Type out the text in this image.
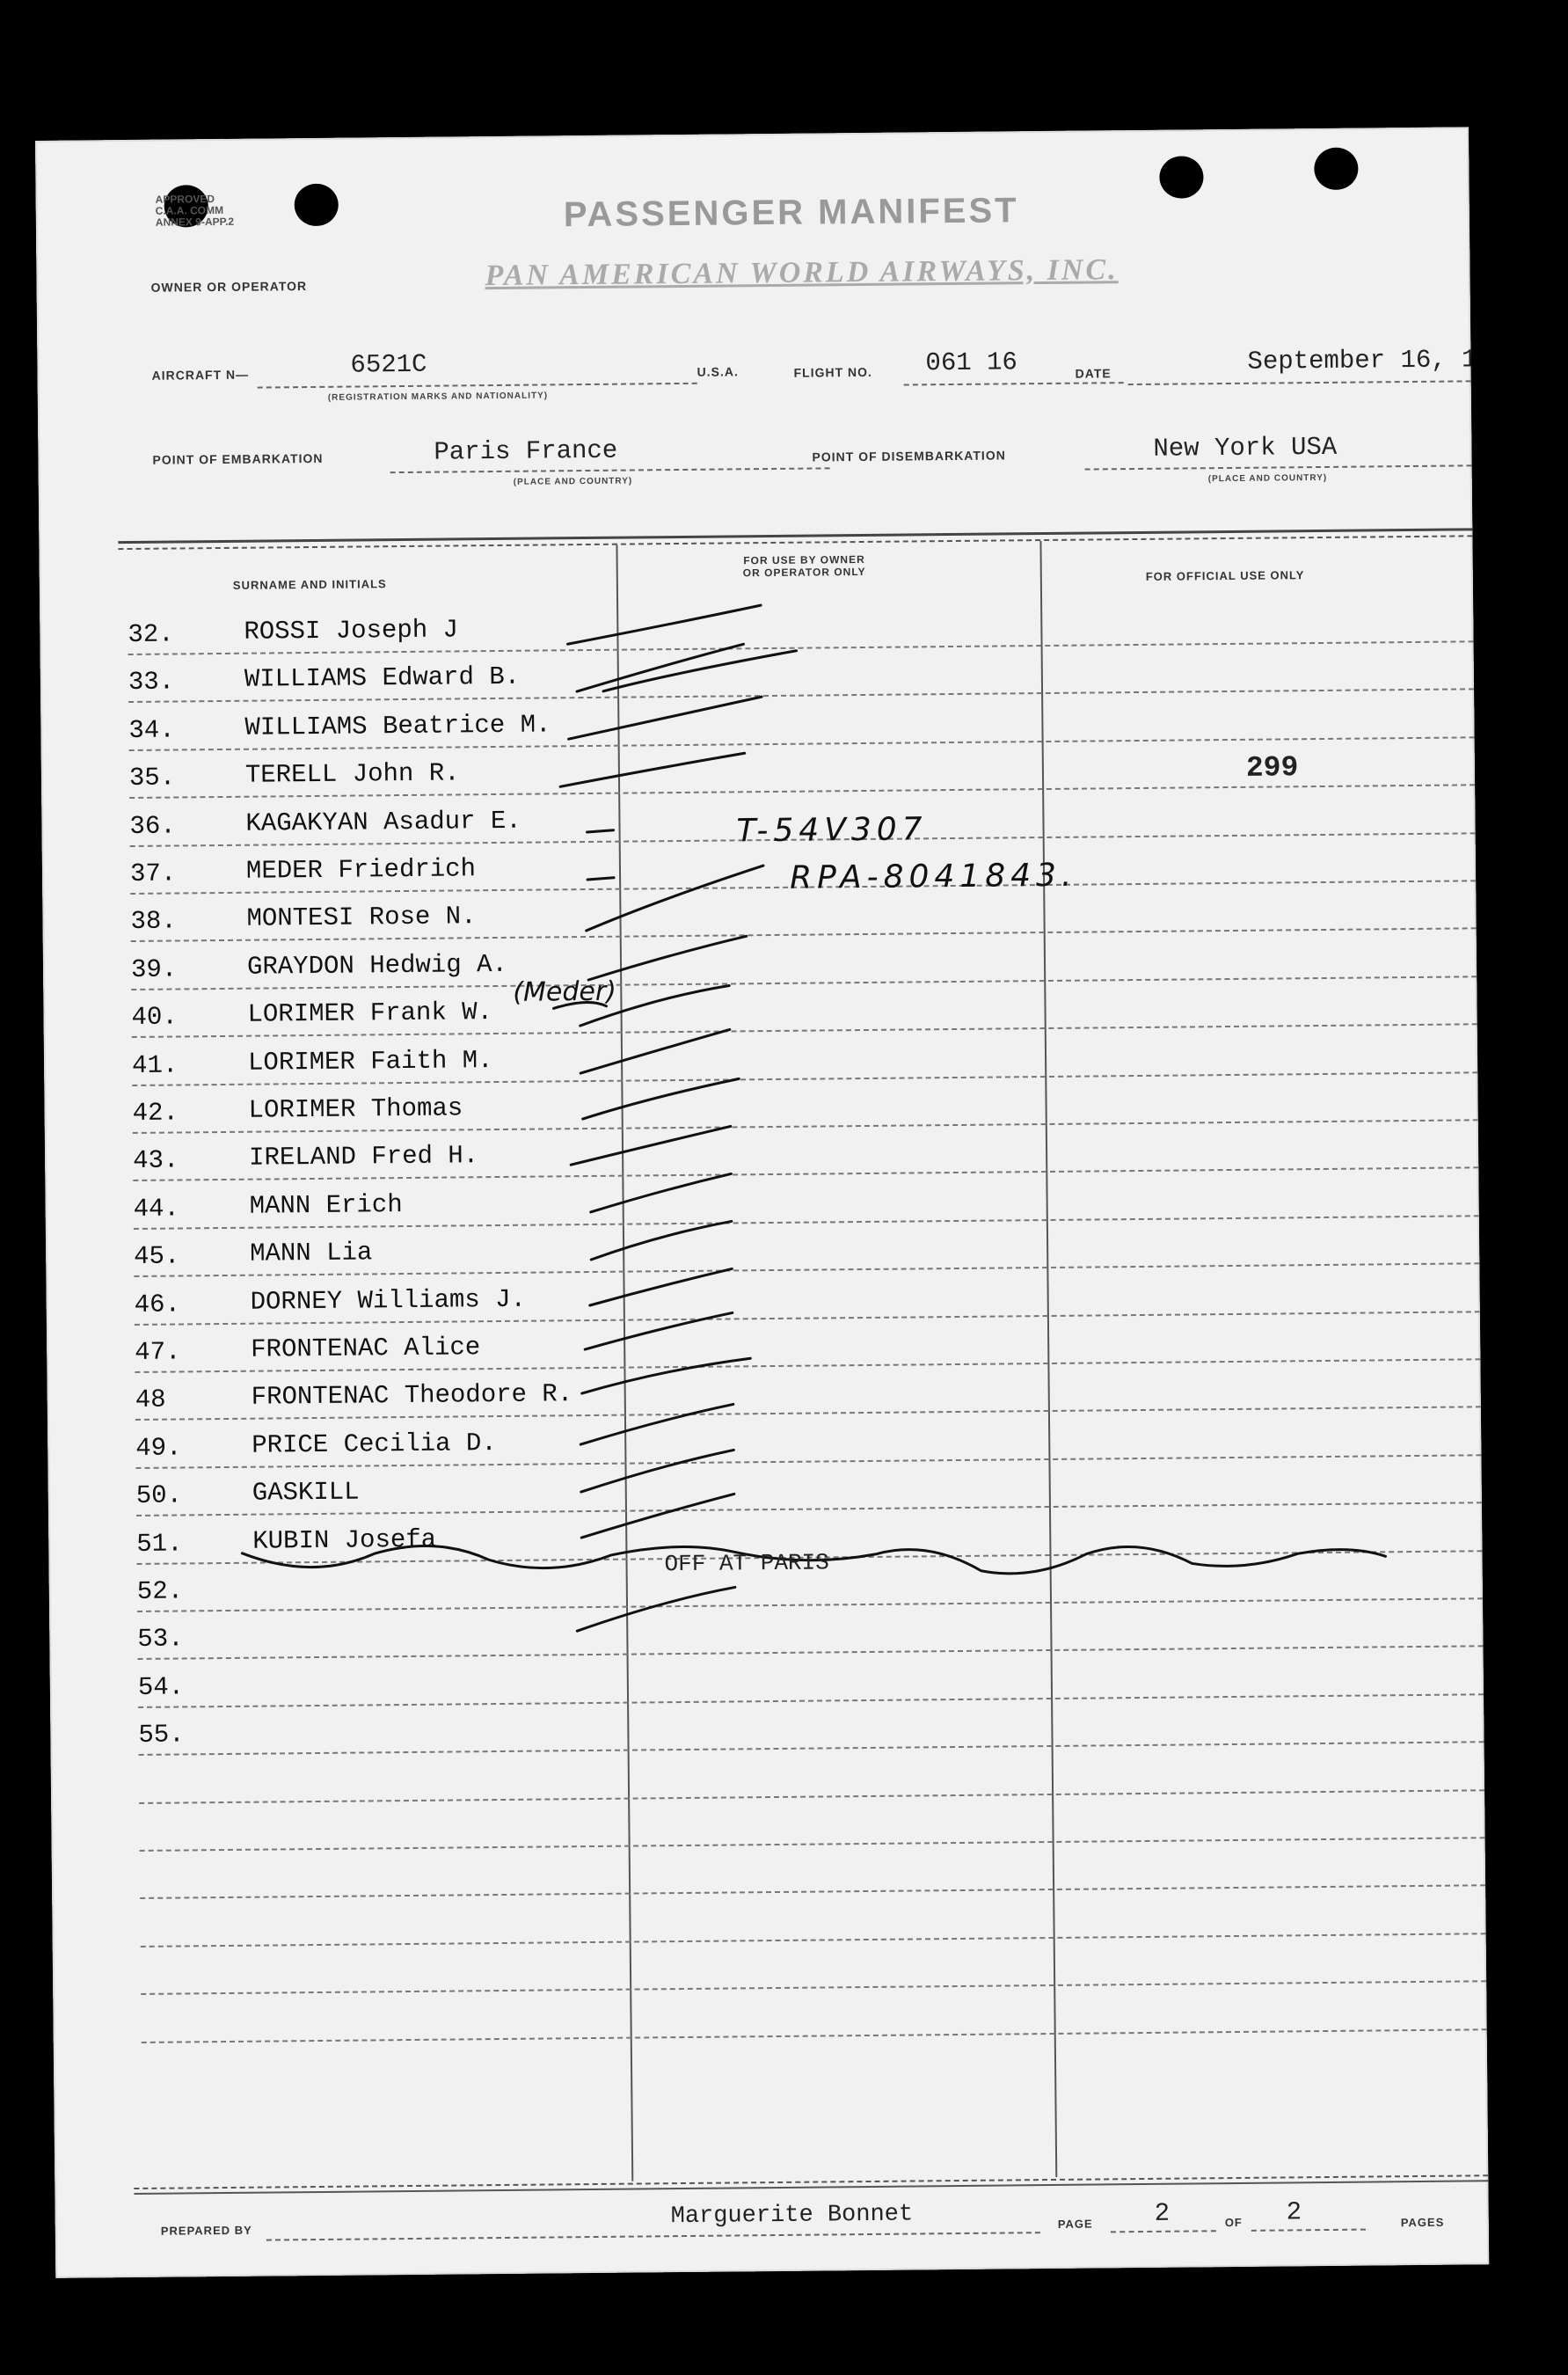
APPROVED
C.A.A. COMM
ANNEX 9-APP.2	PASSENGER MANIFEST
OWNER OR OPERATOR	PAN AMERICAN WORLD AIRWAYS, INC.
AIRCRAFT N—	6521C
(REGISTRATION MARKS AND NATIONALITY)
U.S.A.	FLIGHT NO. 061 16	DATE	September 16, 1
POINT OF EMBARKATION	Paris France
(PLACE AND COUNTRY)
POINT OF DISEMBARKATION	New York USA
(PLACE AND COUNTRY)
SURNAME AND INITIALS
FOR USE BY OWNER
OR OPERATOR ONLY	FOR OFFICIAL USE ONLY
32.	ROSSI Joseph J
33.	WILLIAMS Edward B.
34.	WILLIAMS Beatrice M.
35.	TERELL John R.
36.	KAGAKYAN Asadur E.
37.	MEDER Friedrich
38.	MONTESI Rose N.
39.	GRAYDON Hedwig A.
40.	LORIMER Frank W.
41.	LORIMER Faith M.
42.	LORIMER Thomas
43.	IRELAND Fred H.
44.	MANN Erich
45.	MANN Lia
46.	DORNEY Williams J.
47.	FRONTENAC Alice
48	FRONTENAC Theodore R.
49.	PRICE Cecilia D.
50.	GASKILL
51.	KUBIN Josefa
52.
53.
54.
55.
(Meder)
T-54V307
RPA-8041843.
299
OFF AT PARIS
PREPARED BY
Marguerite Bonnet	PAGE 2	OF 2	PAGES
